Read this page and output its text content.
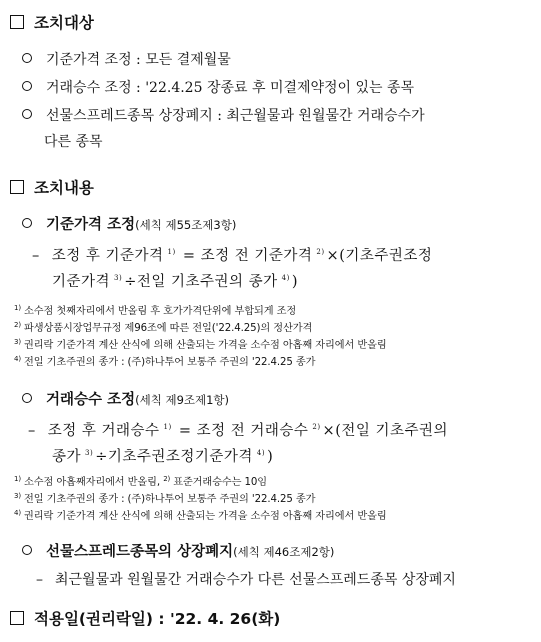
조치대상
기준가격 조정 : 모든 결제월물
거래승수 조정 : '22.4.25 장종료 후 미결제약정이 있는 종목
선물스프레드종목 상장폐지 : 최근월물과 원월물간 거래승수가
다른 종목
조치내용
기준가격 조정(세칙 제55조제3항)
– 조정 후 기준가격 $^{1)}$ = 조정 전 기준가격 $^{2)}$ ×(기초주권조정
기준가격 $^{3)}$ ÷전일 기초주권의 종가 $^{4)}$ )
$^{1)}$ 소수점 첫째자리에서 반올림 후 호가가격단위에 부합되게 조정
$^{2)}$ 파생상품시장업무규정 제96조에 따른 전일('22.4.25)의 정산가격
$^{3)}$ 권리락 기준가격 계산 산식에 의해 산출되는 가격을 소수점 아홉째 자리에서 반올림
$^{4)}$ 전일 기초주권의 종가 : (주)하나투어 보통주 주권의 '22.4.25 종가
거래승수 조정(세칙 제9조제1항)
– 조정 후 거래승수 $^{1)}$ = 조정 전 거래승수 $^{2)}$ ×(전일 기초주권의
종가 $^{3)}$ ÷기초주권조정기준가격 $^{4)}$ )
$^{1)}$ 소수점 아홉째자리에서 반올림, $^{2)}$ 표준거래승수는 10임
$^{3)}$ 전일 기초주권의 종가 : (주)하나투어 보통주 주권의 '22.4.25 종가
$^{4)}$ 권리락 기준가격 계산 산식에 의해 산출되는 가격을 소수점 아홉째 자리에서 반올림
선물스프레드종목의 상장폐지(세칙 제46조제2항)
– 최근월물과 원월물간 거래승수가 다른 선물스프레드종목 상장폐지
적용일(권리락일) : '22. 4. 26(화)
